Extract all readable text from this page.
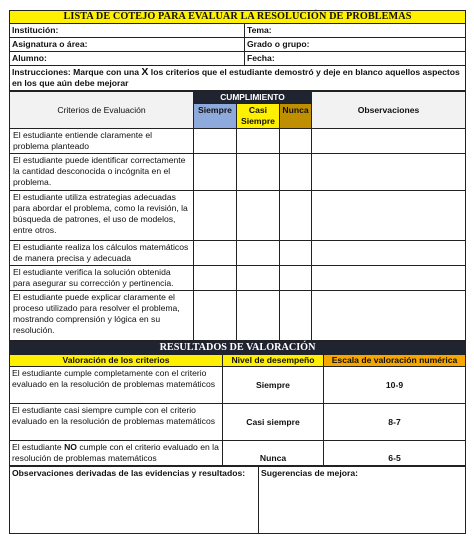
LISTA DE COTEJO PARA EVALUAR LA RESOLUCIÓN DE PROBLEMAS	
Institución:	Tema:
Asignatura o área:	Grado o grupo:
Alumno:	Fecha:
Instrucciones: Marque con una X los criterios que el estudiante demostró y deje en blanco aquellos aspectos en los que aún debe mejorar	
Criterios de Evaluación	CUMPLIMIENTO			Observaciones
	Siempre	Casi Siempre	Nunca	
El estudiante entiende claramente el problema planteado				
El estudiante puede identificar correctamente la cantidad desconocida o incógnita en el problema.				
El estudiante utiliza estrategias adecuadas para abordar el problema, como la revisión, la búsqueda de patrones, el uso de modelos, entre otros.				
El estudiante realiza los cálculos matemáticos de manera precisa y adecuada				
El estudiante verifica la solución obtenida para asegurar su corrección y pertinencia.				
El estudiante puede explicar claramente el proceso utilizado para resolver el problema, mostrando comprensión y lógica en su resolución.				
RESULTADOS DE VALORACIÓN		
Valoración de los criterios	Nivel de desempeño	Escala de valoración numérica
El estudiante cumple completamente con el criterio evaluado en la resolución de problemas matemáticos	Siempre	10-9
El estudiante casi siempre cumple con el criterio evaluado en la resolución de problemas matemáticos	Casi siempre	8-7
El estudiante NO cumple con el criterio evaluado en la resolución de problemas matemáticos	Nunca	6-5
Observaciones derivadas de las evidencias y resultados:	Sugerencias de mejora:
